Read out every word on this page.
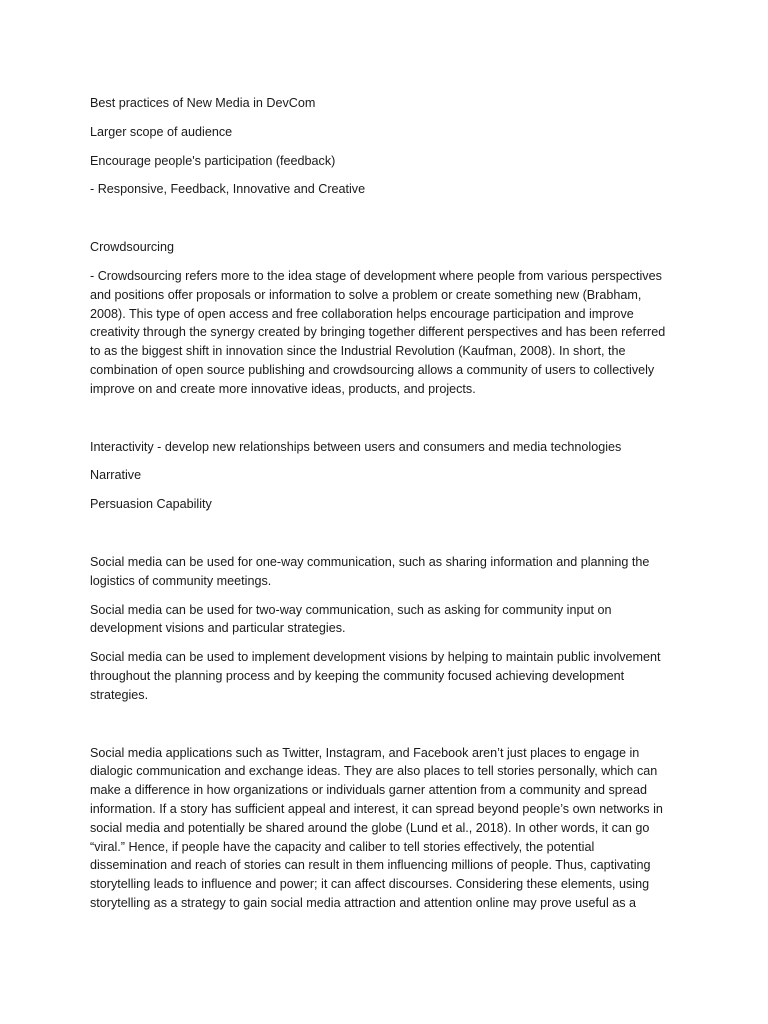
Best practices of New Media in DevCom

Larger scope of audience

Encourage people's participation (feedback)

- Responsive, Feedback, Innovative and Creative

Crowdsourcing

- Crowdsourcing refers more to the idea stage of development where people from various perspectives and positions offer proposals or information to solve a problem or create something new (Brabham, 2008). This type of open access and free collaboration helps encourage participation and improve creativity through the synergy created by bringing together different perspectives and has been referred to as the biggest shift in innovation since the Industrial Revolution (Kaufman, 2008). In short, the combination of open source publishing and crowdsourcing allows a community of users to collectively improve on and create more innovative ideas, products, and projects.

Interactivity - develop new relationships between users and consumers and media technologies

Narrative

Persuasion Capability

Social media can be used for one-way communication, such as sharing information and planning the logistics of community meetings.

Social media can be used for two-way communication, such as asking for community input on development visions and particular strategies.

Social media can be used to implement development visions by helping to maintain public involvement throughout the planning process and by keeping the community focused achieving development strategies.

Social media applications such as Twitter, Instagram, and Facebook aren’t just places to engage in dialogic communication and exchange ideas. They are also places to tell stories personally, which can make a difference in how organizations or individuals garner attention from a community and spread information. If a story has sufficient appeal and interest, it can spread beyond people’s own networks in social media and potentially be shared around the globe (Lund et al., 2018). In other words, it can go “viral.” Hence, if people have the capacity and caliber to tell stories effectively, the potential dissemination and reach of stories can result in them influencing millions of people. Thus, captivating storytelling leads to influence and power; it can affect discourses. Considering these elements, using storytelling as a strategy to gain social media attraction and attention online may prove useful as a
